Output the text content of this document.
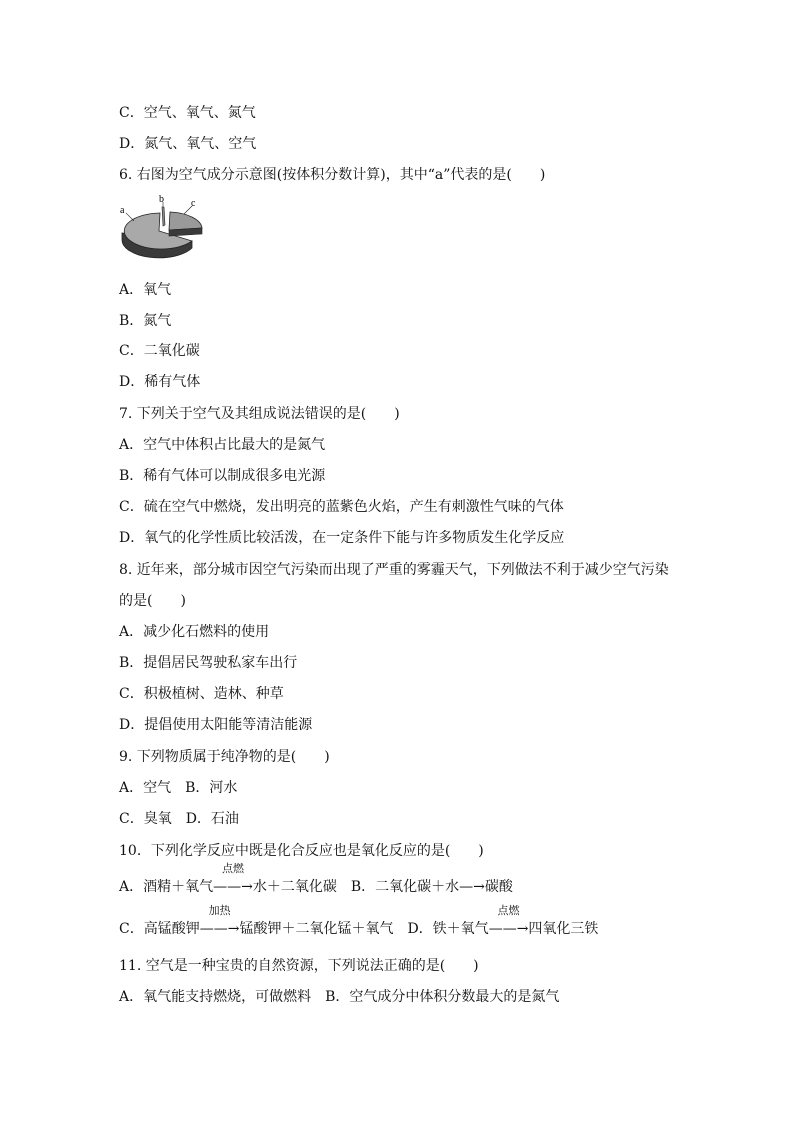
C．空气、氧气、氮气
D．氮气、氧气、空气
6. 右图为空气成分示意图(按体积分数计算)，其中“a”代表的是(　　)
a
b	c
A．氧气
B．氮气
C．二氧化碳
D．稀有气体
7. 下列关于空气及其组成说法错误的是(　　)
A．空气中体积占比最大的是氮气
B．稀有气体可以制成很多电光源
C．硫在空气中燃烧，发出明亮的蓝紫色火焰，产生有刺激性气味的气体
D．氧气的化学性质比较活泼，在一定条件下能与许多物质发生化学反应
8. 近年来，部分城市因空气污染而出现了严重的雾霾天气，下列做法不利于减少空气污染
的是(　　)
A．减少化石燃料的使用
B．提倡居民驾驶私家车出行
C．积极植树、造林、种草
D．提倡使用太阳能等清洁能源
9. 下列物质属于纯净物的是(　　)
A．空气　B．河水
C．臭氧　D．石油
10．下列化学反应中既是化合反应也是氧化反应的是(　　)
A．酒精＋氧气
点燃
——→水＋二氧化碳　B．二氧化碳＋水—→碳酸
C．高锰酸钾
加热
——→锰酸钾＋二氧化锰＋氧气　D．铁＋氧气
点燃
——→四氧化三铁
11. 空气是一种宝贵的自然资源，下列说法正确的是(　　)
A．氧气能支持燃烧，可做燃料　B．空气成分中体积分数最大的是氮气
